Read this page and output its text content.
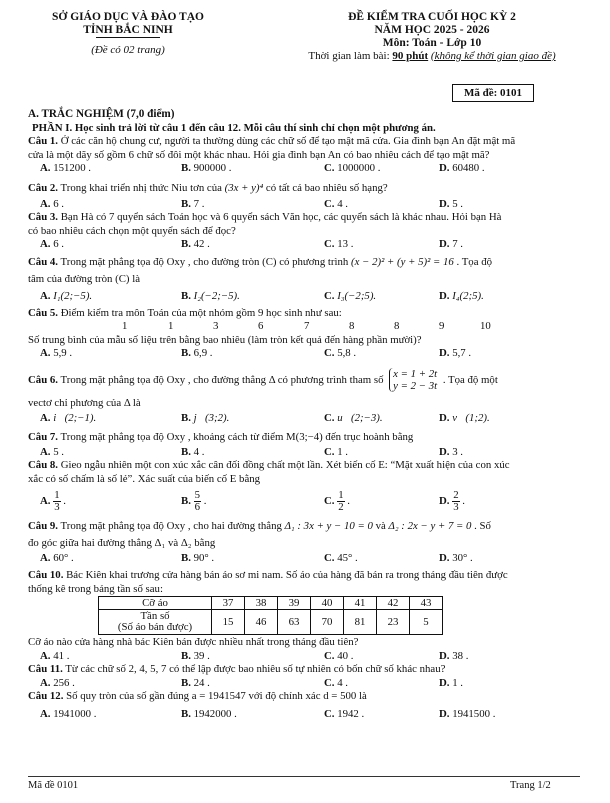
SỞ GIÁO DỤC VÀ ĐÀO TẠO
TỈNH BẮC NINH
(Đề có 02 trang)
ĐỀ KIỂM TRA CUỐI HỌC KỲ 2
NĂM HỌC 2025 - 2026
Môn: Toán - Lớp 10
Thời gian làm bài: 90 phút (không kể thời gian giao đề)
Mã đề: 0101
A. TRẮC NGHIỆM (7,0 điểm)
PHẦN I. Học sinh trả lời từ câu 1 đến câu 12. Mỗi câu thí sinh chỉ chọn một phương án.
Câu 1. Ở các căn hộ chung cư, người ta thường dùng các chữ số để tạo mật mã cửa. Gia đình bạn An đặt mật mã
cửa là một dãy số gồm 6 chữ số đôi một khác nhau. Hỏi gia đình bạn An có bao nhiêu cách để tạo mật mã?
A. 151200 .	B. 900000 .	C. 1000000 .	D. 60480 .
Câu 2. Trong khai triển nhị thức Niu tơn của (3x + y)⁴ có tất cả bao nhiêu số hạng?
A. 6 .	B. 7 .	C. 4 .	D. 5 .
Câu 3. Bạn Hà có 7 quyển sách Toán học và 6 quyển sách Văn học, các quyển sách là khác nhau. Hỏi bạn Hà
có bao nhiêu cách chọn một quyển sách để đọc?
A. 6 .	B. 42 .	C. 13 .	D. 7 .
Câu 4. Trong mặt phẳng tọa độ Oxy , cho đường tròn (C) có phương trình (x − 2)² + (y + 5)² = 16 . Tọa độ
tâm của đường tròn (C) là
A. I₁(2;−5).	B. I₂(−2;−5).	C. I₃(−2;5).	D. I₄(2;5).
Câu 5. Điểm kiểm tra môn Toán của một nhóm gồm 9 học sinh như sau:
1	1	3	6	7	8	8	9	10
Số trung bình của mẫu số liệu trên bằng bao nhiêu (làm tròn kết quả đến hàng phần mười)?
A. 5,9 .	B. 6,9 .	C. 5,8 .	D. 5,7 .
Câu 6. Trong mặt phẳng tọa độ Oxy , cho đường thẳng Δ có phương trình tham số x = 1 + 2t
y = 2 − 3t
. Tọa độ một
vectơ chỉ phương của Δ là
A. i⃗(2;−1).	B. j⃗(3;2).	C. u⃗(2;−3).	D. v⃗(1;2).
Câu 7. Trong mặt phẳng tọa độ Oxy , khoảng cách từ điểm M(3;−4) đến trục hoành bằng
A. 5 .	B. 4 .	C. 1 .	D. 3 .
Câu 8. Gieo ngẫu nhiên một con xúc xắc cân đối đồng chất một lần. Xét biến cố E: “Mặt xuất hiện của con xúc
xắc có số chấm là số lẻ”. Xác suất của biến cố E bằng
A. $\frac{1}{3}$ .	B. $\frac{5}{6}$ .	C. $\frac{1}{2}$ .	D. $\frac{2}{3}$ .
Câu 9. Trong mặt phẳng tọa độ Oxy , cho hai đường thẳng Δ₁ : 3x + y − 10 = 0 và Δ₂ : 2x − y + 7 = 0 . Số
đo góc giữa hai đường thẳng Δ₁ và Δ₂ bằng
A. 60° .	B. 90° .	C. 45° .	D. 30° .
Câu 10. Bác Kiên khai trương cửa hàng bán áo sơ mi nam. Số áo của hàng đã bán ra trong tháng đầu tiên được
thống kê trong bảng tần số sau:
Cỡ áo	37	38	39	40	41	42	43

Tần số
(Số áo bán được)	15	46	63	70	81	23	5
Cỡ áo nào cửa hàng nhà bác Kiên bán được nhiều nhất trong tháng đầu tiên?
A. 41 .	B. 39 .	C. 40 .	D. 38 .
Câu 11. Từ các chữ số 2, 4, 5, 7 có thể lập được bao nhiêu số tự nhiên có bốn chữ số khác nhau?
A. 256 .	B. 24 .	C. 4 .	D. 1 .
Câu 12. Số quy tròn của số gần đúng a = 1941547 với độ chính xác d = 500 là
A. 1941000 .	B. 1942000 .	C. 1942 .	D. 1941500 .
Mã đề 0101	Trang 1/2
